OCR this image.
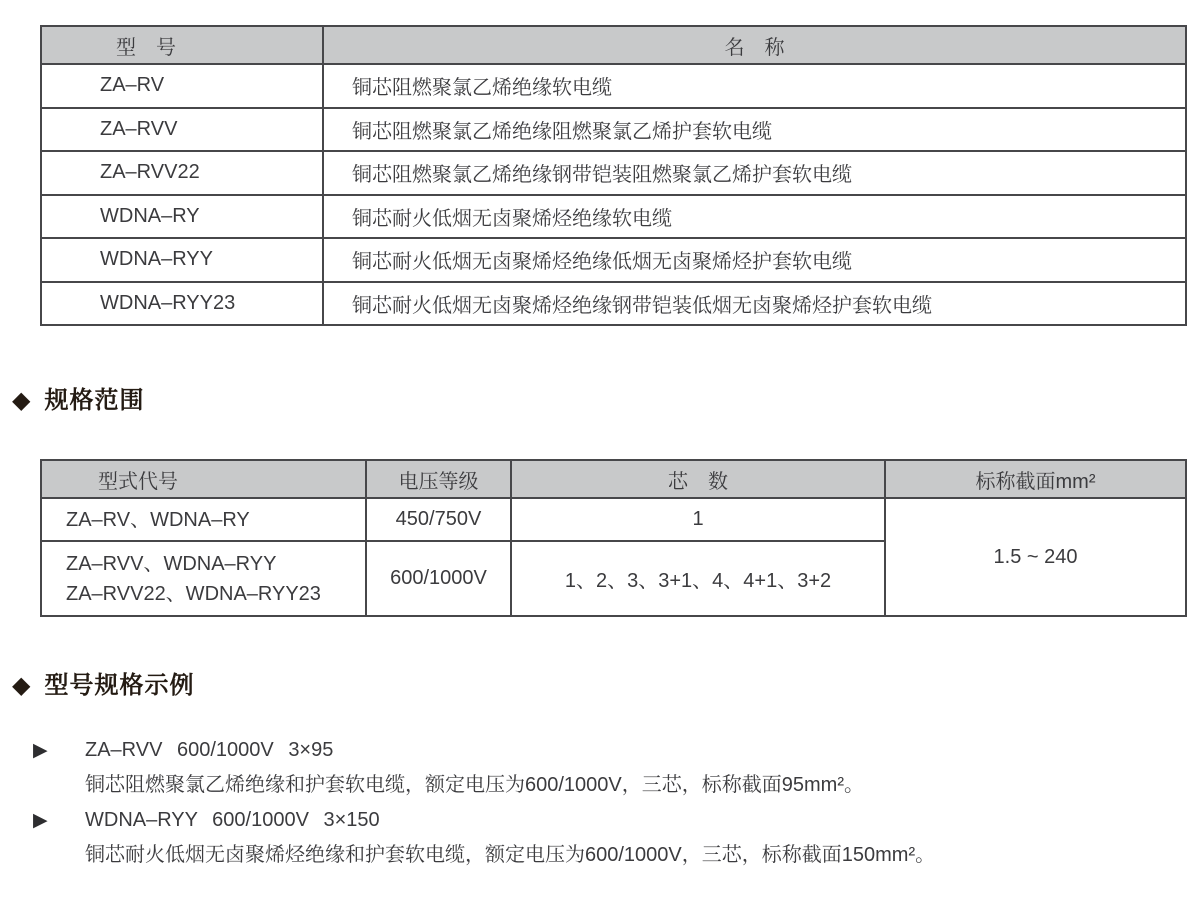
型　号	名　称
ZA–RV	铜芯阻燃聚氯乙烯绝缘软电缆
ZA–RVV	铜芯阻燃聚氯乙烯绝缘阻燃聚氯乙烯护套软电缆
ZA–RVV22	铜芯阻燃聚氯乙烯绝缘钢带铠装阻燃聚氯乙烯护套软电缆
WDNA–RY	铜芯耐火低烟无卤聚烯烃绝缘软电缆
WDNA–RYY	铜芯耐火低烟无卤聚烯烃绝缘低烟无卤聚烯烃护套软电缆
WDNA–RYY23	铜芯耐火低烟无卤聚烯烃绝缘钢带铠装低烟无卤聚烯烃护套软电缆
◆ 规格范围
型式代号	电压等级	芯　数	标称截面mm²
ZA–RV、WDNA–RY	450/750V	1	1.5 ~ 240

ZA–RVV、WDNA–RYY
ZA–RVV22、WDNA–RYY23	600/1000V	1、2、3、3+1、4、4+1、3+2	
◆ 型号规格示例
▶	ZA–RVV 600/1000V 3×95
铜芯阻燃聚氯乙烯绝缘和护套软电缆，额定电压为600/1000V，三芯，标称截面95mm²。
▶	WDNA–RYY 600/1000V 3×150
铜芯耐火低烟无卤聚烯烃绝缘和护套软电缆，额定电压为600/1000V，三芯，标称截面150mm²。
